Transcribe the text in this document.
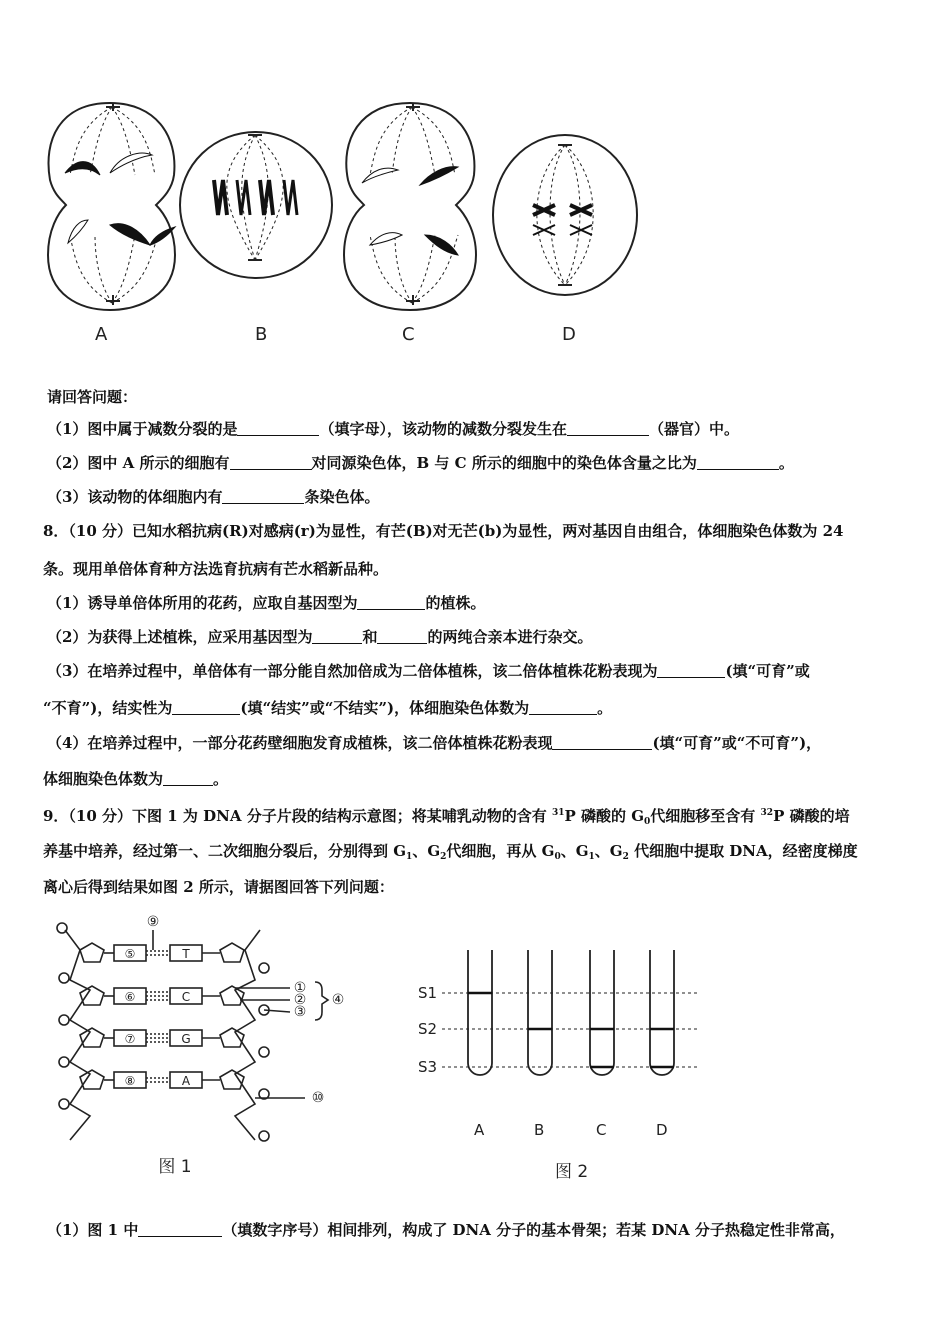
A	B	C	D
请回答问题：
（1）图中属于减数分裂的是	（填字母），该动物的减数分裂发生在	（器官）中。
（2）图中 A 所示的细胞有	对同源染色体，B 与 C 所示的细胞中的染色体含量之比为	。
（3）该动物的体细胞内有	条染色体。
8．（10 分）已知水稻抗病(R)对感病(r)为显性，有芒(B)对无芒(b)为显性，两对基因自由组合，体细胞染色体数为 24
条。现用单倍体育种方法选育抗病有芒水稻新品种。
（1）诱导单倍体所用的花药，应取自基因型为	的植株。
（2）为获得上述植株，应采用基因型为	和	的两纯合亲本进行杂交。
（3）在培养过程中，单倍体有一部分能自然加倍成为二倍体植株，该二倍体植株花粉表现为	(填“可育”或
“不育”)，结实性为	(填“结实”或“不结实”)，体细胞染色体数为	。
（4）在培养过程中，一部分花药壁细胞发育成植株，该二倍体植株花粉表现	(填“可育”或“不可育”)，
体细胞染色体数为	。
9．（10 分）下图 1 为 DNA 分子片段的结构示意图；将某哺乳动物的含有 $^{31}$P 磷酸的 $G_0$代细胞移至含有 $^{32}$P 磷酸的培
养基中培养，经过第一、二次细胞分裂后，分别得到 $G_1$、$G_2$代细胞，再从 $G_0$、$G_1$、$G_2$ 代细胞中提取 DNA，经密度梯度
离心后得到结果如图 2 所示，请据图回答下列问题：
⑤	T
⑥	C
⑦	G
⑧	A
⑨
①
②
③
④
⑩
图 1
S1
S2
S3
A	B	C	D
图 2
（1）图 1 中	（填数字序号）相间排列，构成了 DNA 分子的基本骨架；若某 DNA 分子热稳定性非常高，
